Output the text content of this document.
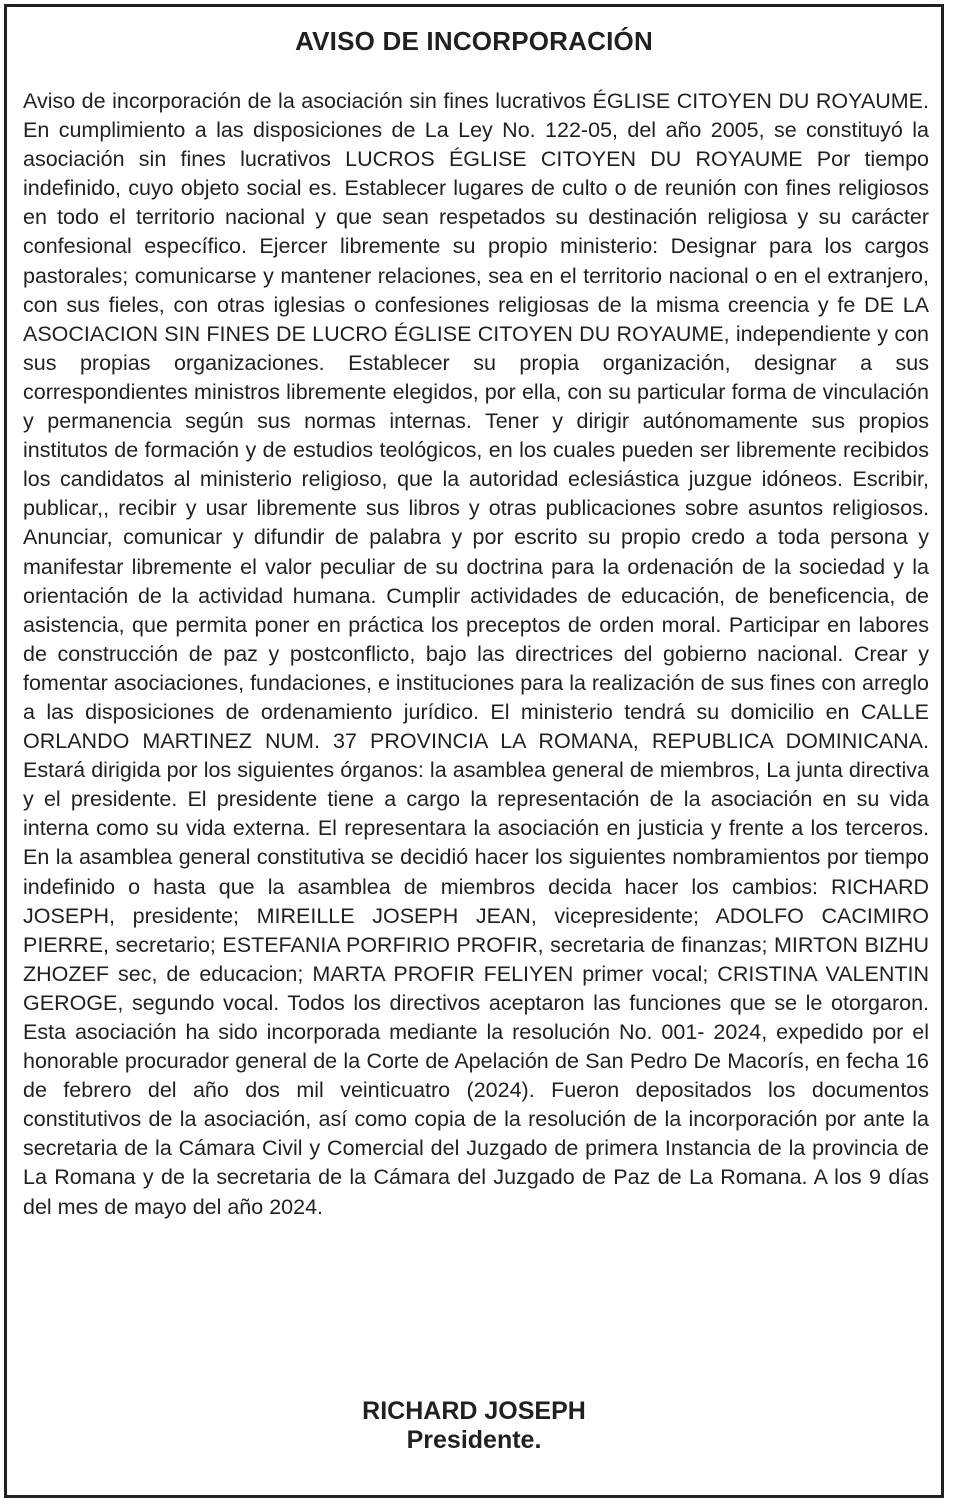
AVISO DE INCORPORACIÓN

Aviso de incorporación de la asociación sin fines lucrativos ÉGLISE CITOYEN DU ROYAUME. En cumplimiento a las disposiciones de La Ley No. 122-05, del año 2005, se constituyó la asociación sin fines lucrativos LUCROS ÉGLISE CITOYEN DU ROYAUME Por tiempo indefinido, cuyo objeto social es. Establecer lugares de culto o de reunión con fines religiosos en todo el territorio nacional y que sean respetados su destinación religiosa y su carácter confesional específico. Ejercer libremente su propio ministerio: Designar para los cargos pastorales; comunicarse y mantener relaciones, sea en el territorio nacional o en el extranjero, con sus fieles, con otras iglesias o confesiones religiosas de la misma creencia y fe DE LA ASOCIACION SIN FINES DE LUCRO ÉGLISE CITOYEN DU ROYAUME, independiente y con sus propias organizaciones. Establecer su propia organización, designar a sus correspondientes ministros libremente elegidos, por ella, con su particular forma de vinculación y permanencia según sus normas internas. Tener y dirigir autónomamente sus propios institutos de formación y de estudios teológicos, en los cuales pueden ser libremente recibidos los candidatos al ministerio religioso, que la autoridad eclesiástica juzgue idóneos. Escribir, publicar,, recibir y usar libremente sus libros y otras publicaciones sobre asuntos religiosos. Anunciar, comunicar y difundir de palabra y por escrito su propio credo a toda persona y manifestar libremente el valor peculiar de su doctrina para la ordenación de la sociedad y la orientación de la actividad humana. Cumplir actividades de educación, de beneficencia, de asistencia, que permita poner en práctica los preceptos de orden moral. Participar en labores de construcción de paz y postconflicto, bajo las directrices del gobierno nacional. Crear y fomentar asociaciones, fundaciones, e instituciones para la realización de sus fines con arreglo a las disposiciones de ordenamiento jurídico. El ministerio tendrá su domicilio en CALLE ORLANDO MARTINEZ NUM. 37 PROVINCIA LA ROMANA, REPUBLICA DOMINICANA. Estará dirigida por los siguientes órganos: la asamblea general de miembros, La junta directiva y el presidente. El presidente tiene a cargo la representación de la asociación en su vida interna como su vida externa. El representara la asociación en justicia y frente a los terceros. En la asamblea general constitutiva se decidió hacer los siguientes nombramientos por tiempo indefinido o hasta que la asamblea de miembros decida hacer los cambios: RICHARD JOSEPH, presidente; MIREILLE JOSEPH JEAN, vicepresidente; ADOLFO CACIMIRO PIERRE, secretario; ESTEFANIA PORFIRIO PROFIR, secretaria de finanzas; MIRTON BIZHU ZHOZEF sec, de educacion; MARTA PROFIR FELIYEN primer vocal; CRISTINA VALENTIN GEROGE, segundo vocal. Todos los directivos aceptaron las funciones que se le otorgaron. Esta asociación ha sido incorporada mediante la resolución No. 001- 2024, expedido por el honorable procurador general de la Corte de Apelación de San Pedro De Macorís, en fecha 16 de febrero del año dos mil veinticuatro (2024). Fueron depositados los documentos constitutivos de la asociación, así como copia de la resolución de la incorporación por ante la secretaria de la Cámara Civil y Comercial del Juzgado de primera Instancia de la provincia de La Romana y de la secretaria de la Cámara del Juzgado de Paz de La Romana. A los 9 días del mes de mayo del año 2024.

RICHARD JOSEPH
Presidente.
